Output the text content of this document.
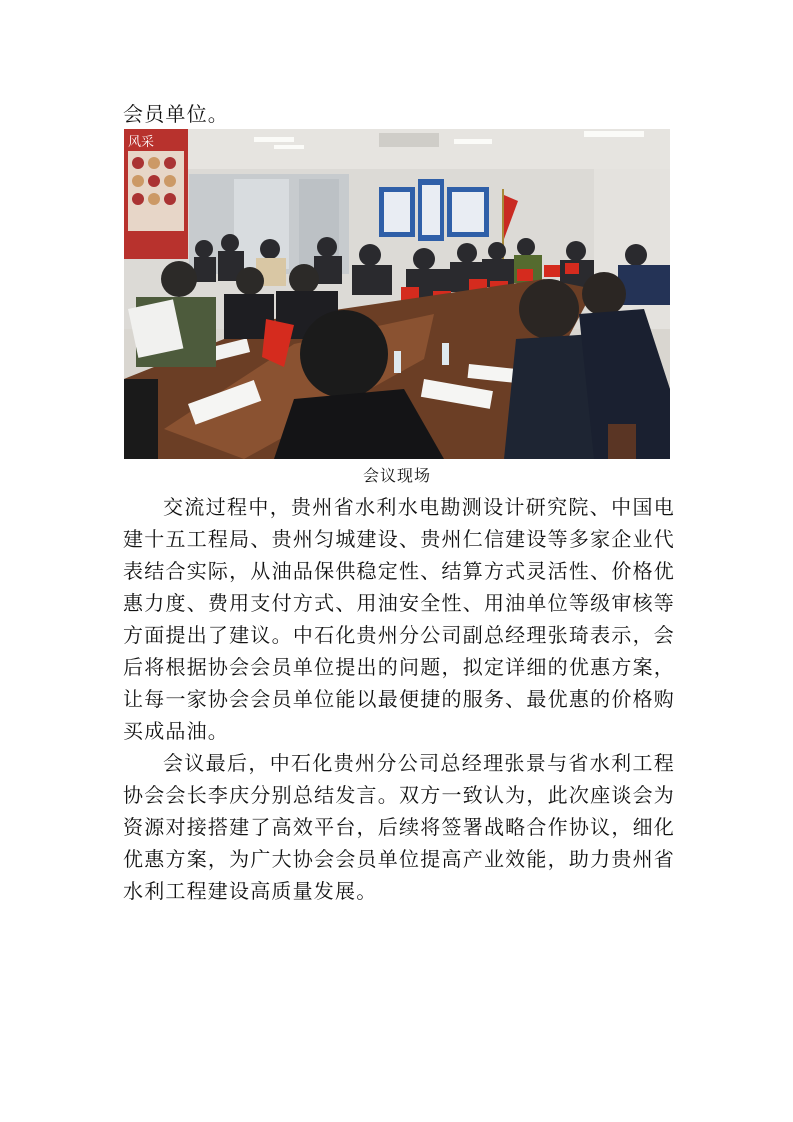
会员单位。
风采
会议现场

交流过程中，贵州省水利水电勘测设计研究院、中国电建十五工程局、贵州匀城建设、贵州仁信建设等多家企业代表结合实际，从油品保供稳定性、结算方式灵活性、价格优惠力度、费用支付方式、用油安全性、用油单位等级审核等方面提出了建议。中石化贵州分公司副总经理张琦表示，会后将根据协会会员单位提出的问题，拟定详细的优惠方案，让每一家协会会员单位能以最便捷的服务、最优惠的价格购买成品油。

会议最后，中石化贵州分公司总经理张景与省水利工程协会会长李庆分别总结发言。双方一致认为，此次座谈会为资源对接搭建了高效平台，后续将签署战略合作协议，细化优惠方案，为广大协会会员单位提高产业效能，助力贵州省水利工程建设高质量发展。
